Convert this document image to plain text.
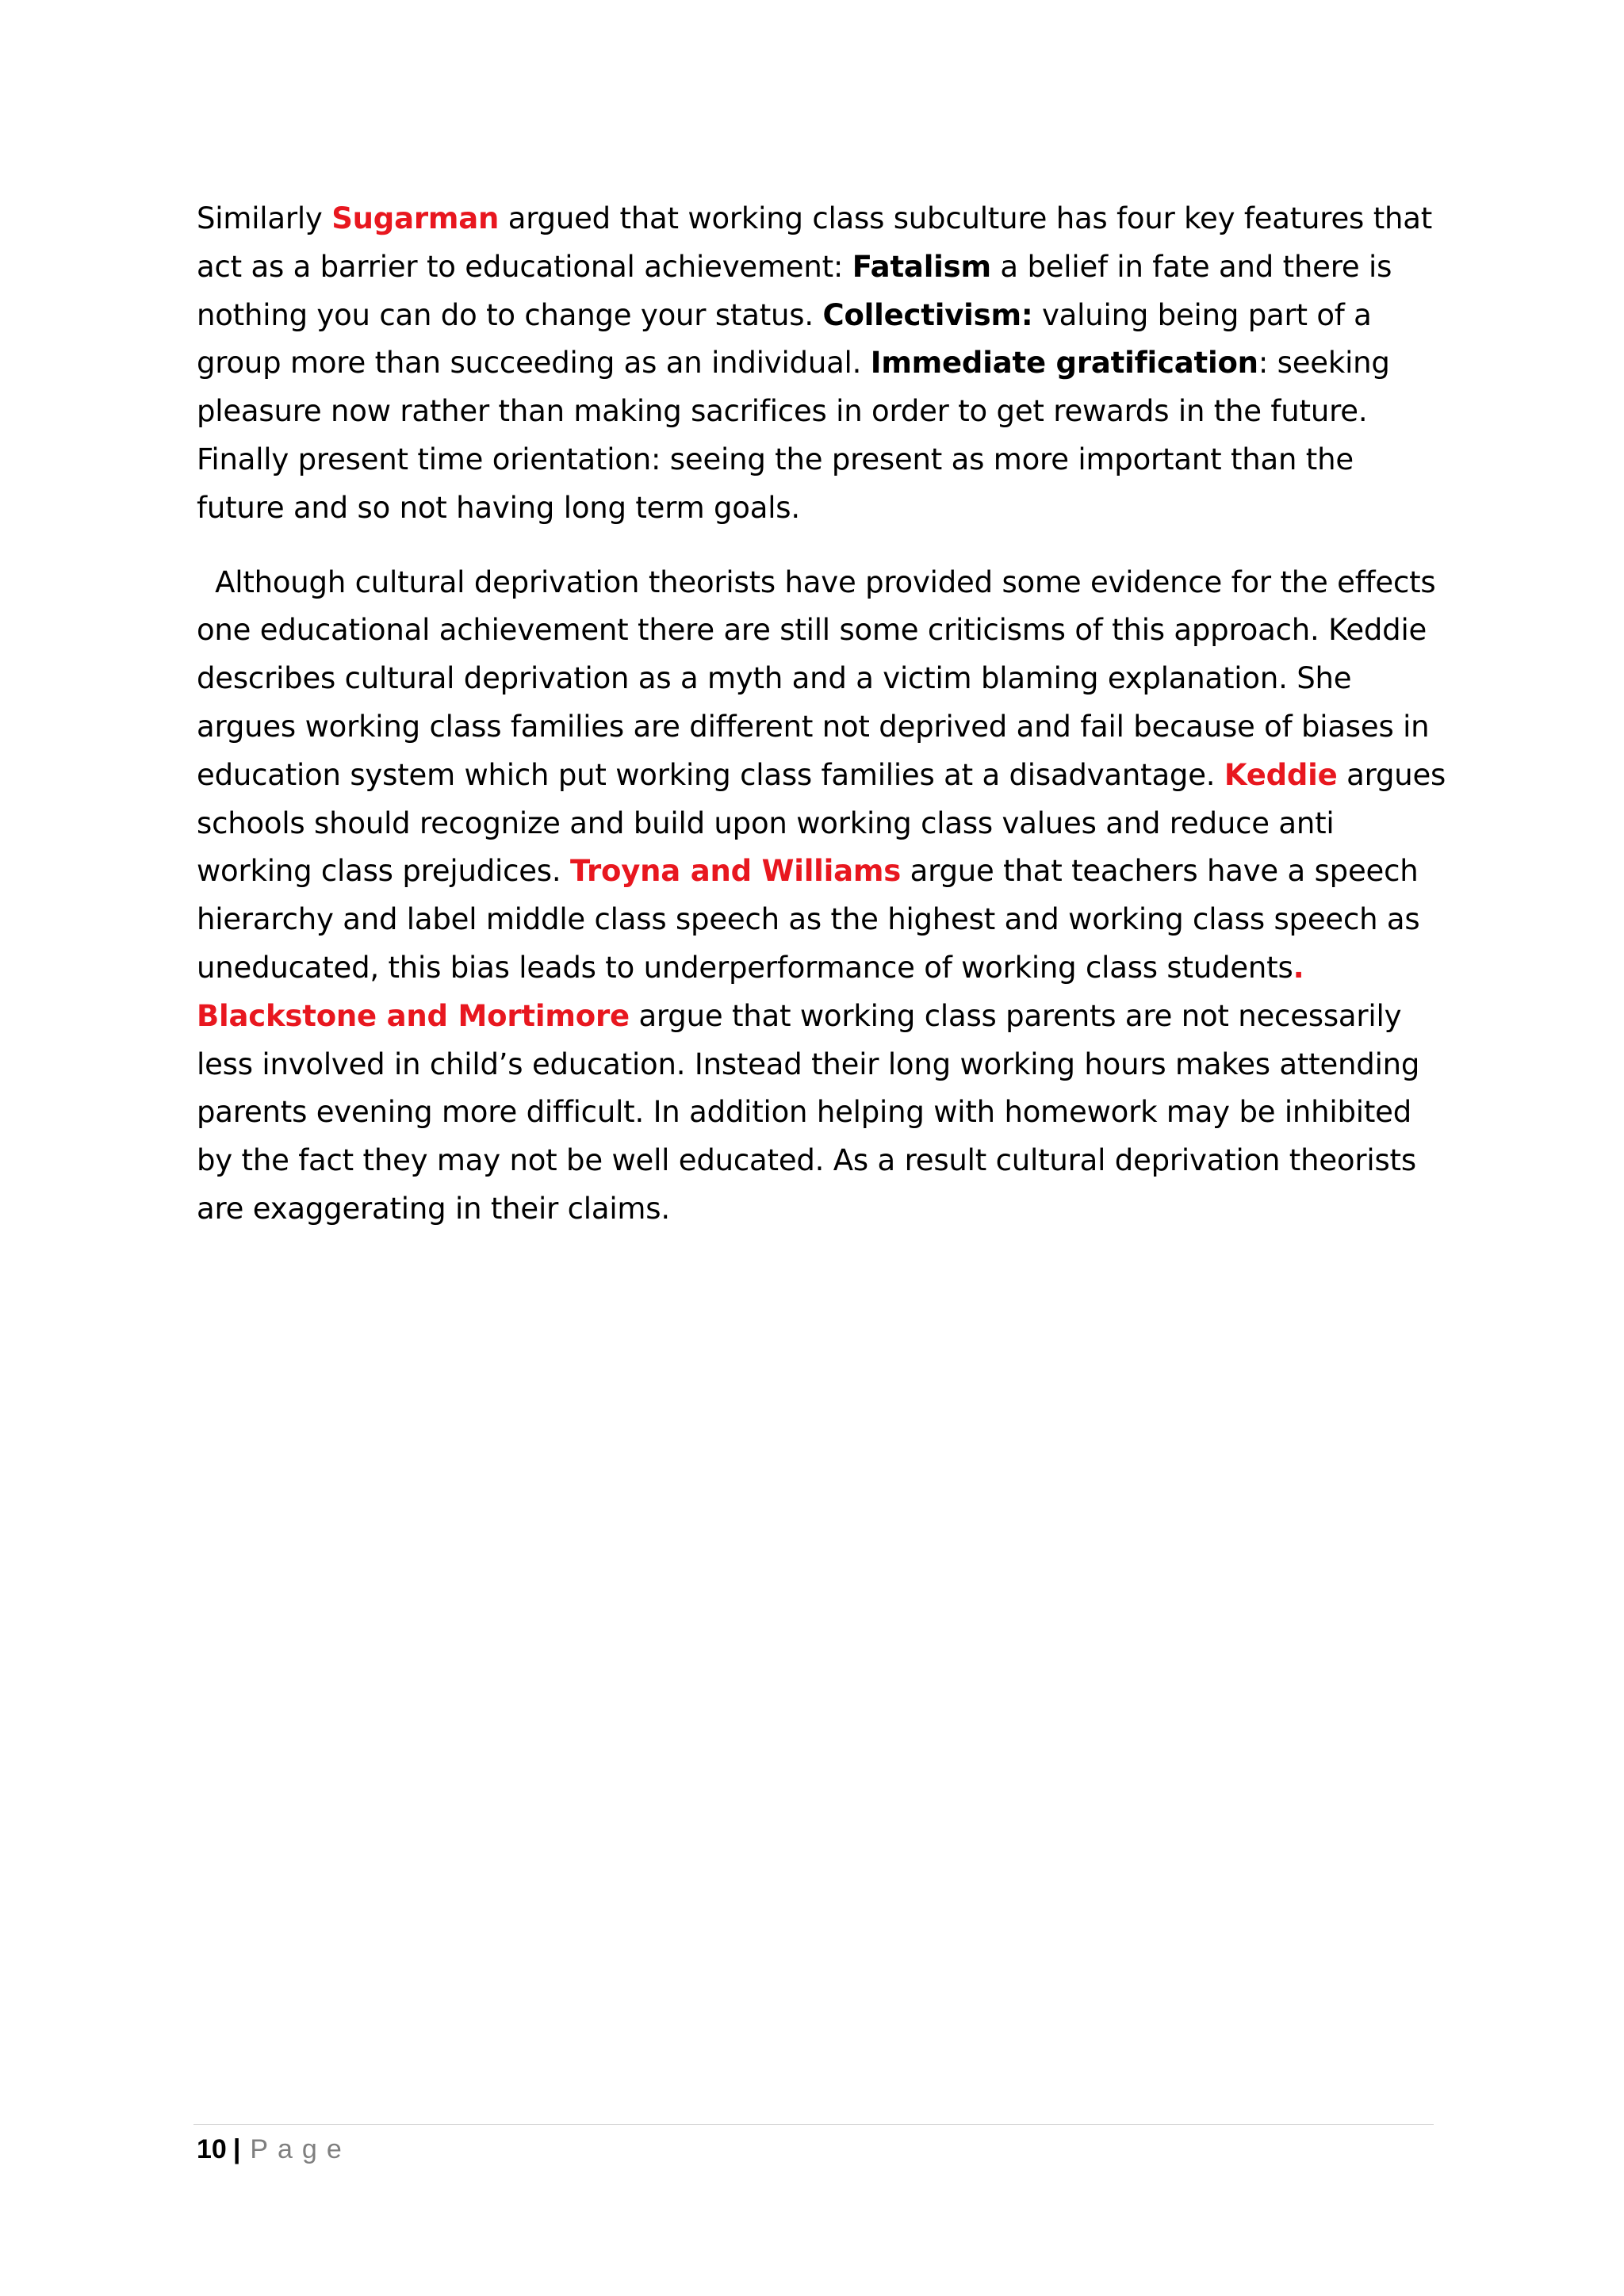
Similarly Sugarman argued that working class subculture has four key features that act as a barrier to educational achievement: Fatalism a belief in fate and there is nothing you can do to change your status. Collectivism: valuing being part of a group more than succeeding as an individual. Immediate gratification: seeking pleasure now rather than making sacrifices in order to get rewards in the future. Finally present time orientation: seeing the present as more important than the future and so not having long term goals.

Although cultural deprivation theorists have provided some evidence for the effects one educational achievement there are still some criticisms of this approach. Keddie describes cultural deprivation as a myth and a victim blaming explanation. She argues working class families are different not deprived and fail because of biases in education system which put working class families at a disadvantage. Keddie argues schools should recognize and build upon working class values and reduce anti working class prejudices. Troyna and Williams argue that teachers have a speech hierarchy and label middle class speech as the highest and working class speech as uneducated, this bias leads to underperformance of working class students. Blackstone and Mortimore argue that working class parents are not necessarily less involved in child’s education. Instead their long working hours makes attending parents evening more difficult. In addition helping with homework may be inhibited by the fact they may not be well educated. As a result cultural deprivation theorists are exaggerating in their claims.

10 | Page
